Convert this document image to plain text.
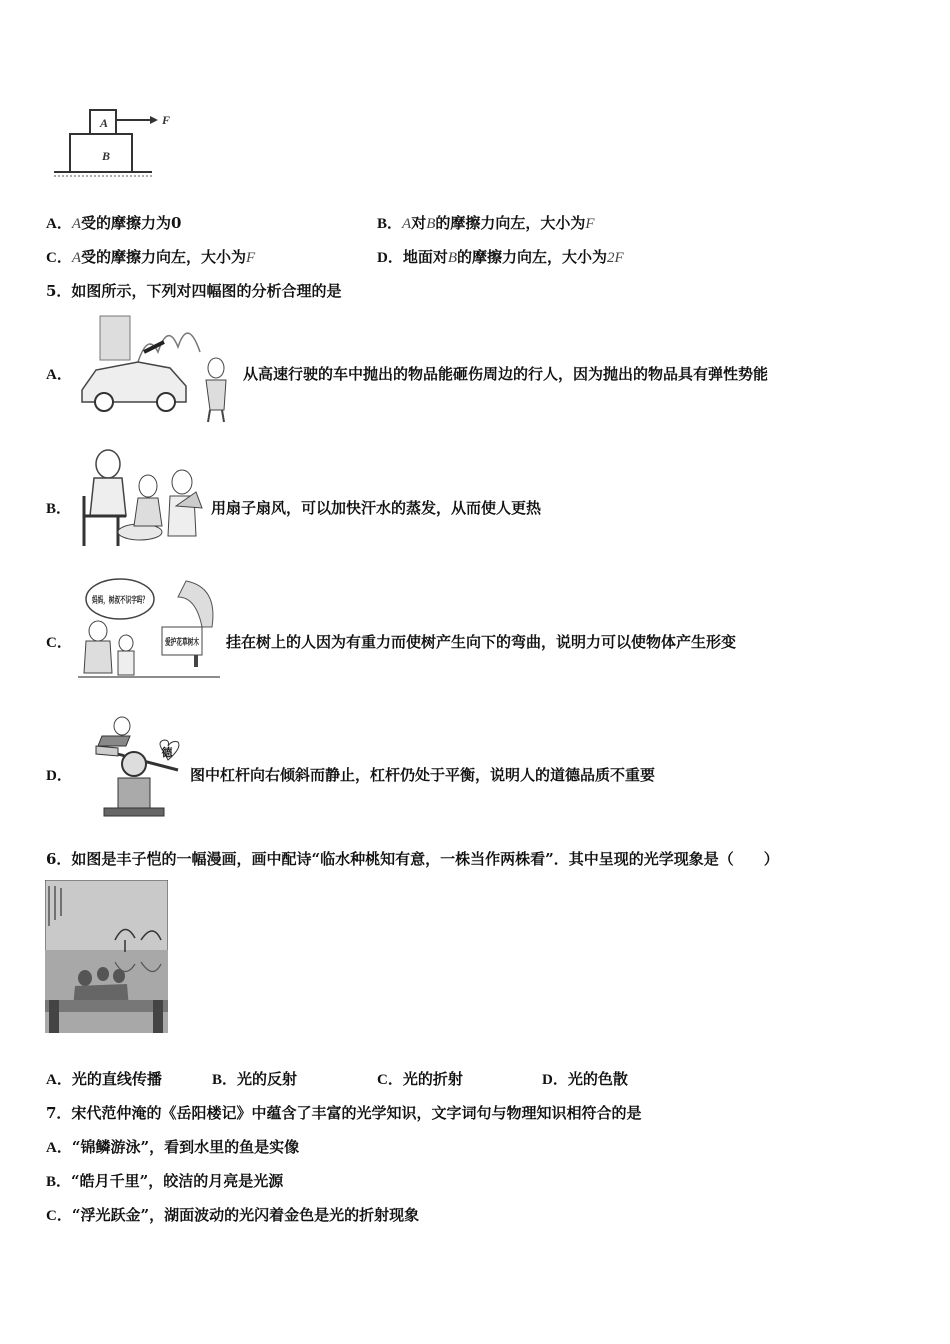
A
B
F
A．A受的摩擦力为0	B．A对B的摩擦力向左，大小为F
C．A受的摩擦力向左，大小为F	D．地面对B的摩擦力向左，大小为2F
5．如图所示，下列对四幅图的分析合理的是
A．	从高速行驶的车中抛出的物品能砸伤周边的行人，因为抛出的物品具有弹性势能
B．	用扇子扇风，可以加快汗水的蒸发，从而使人更热
C．
妈妈，树叔不识字吗？
爱护花草树木 挂在树上的人因为有重力而使树产生向下的弯曲，说明力可以使物体产生形变
D．
德
图中杠杆向右倾斜而静止，杠杆仍处于平衡，说明人的道德品质不重要
6．如图是丰子恺的一幅漫画，画中配诗“临水种桃知有意，一株当作两株看”．其中呈现的光学现象是（　　）
A．光的直线传播	B．光的反射	C．光的折射	D．光的色散
7．宋代范仲淹的《岳阳楼记》中蕴含了丰富的光学知识，文字词句与物理知识相符合的是
A．“锦鳞游泳”，看到水里的鱼是实像
B．“皓月千里”，皎洁的月亮是光源
C．“浮光跃金”，湖面波动的光闪着金色是光的折射现象
